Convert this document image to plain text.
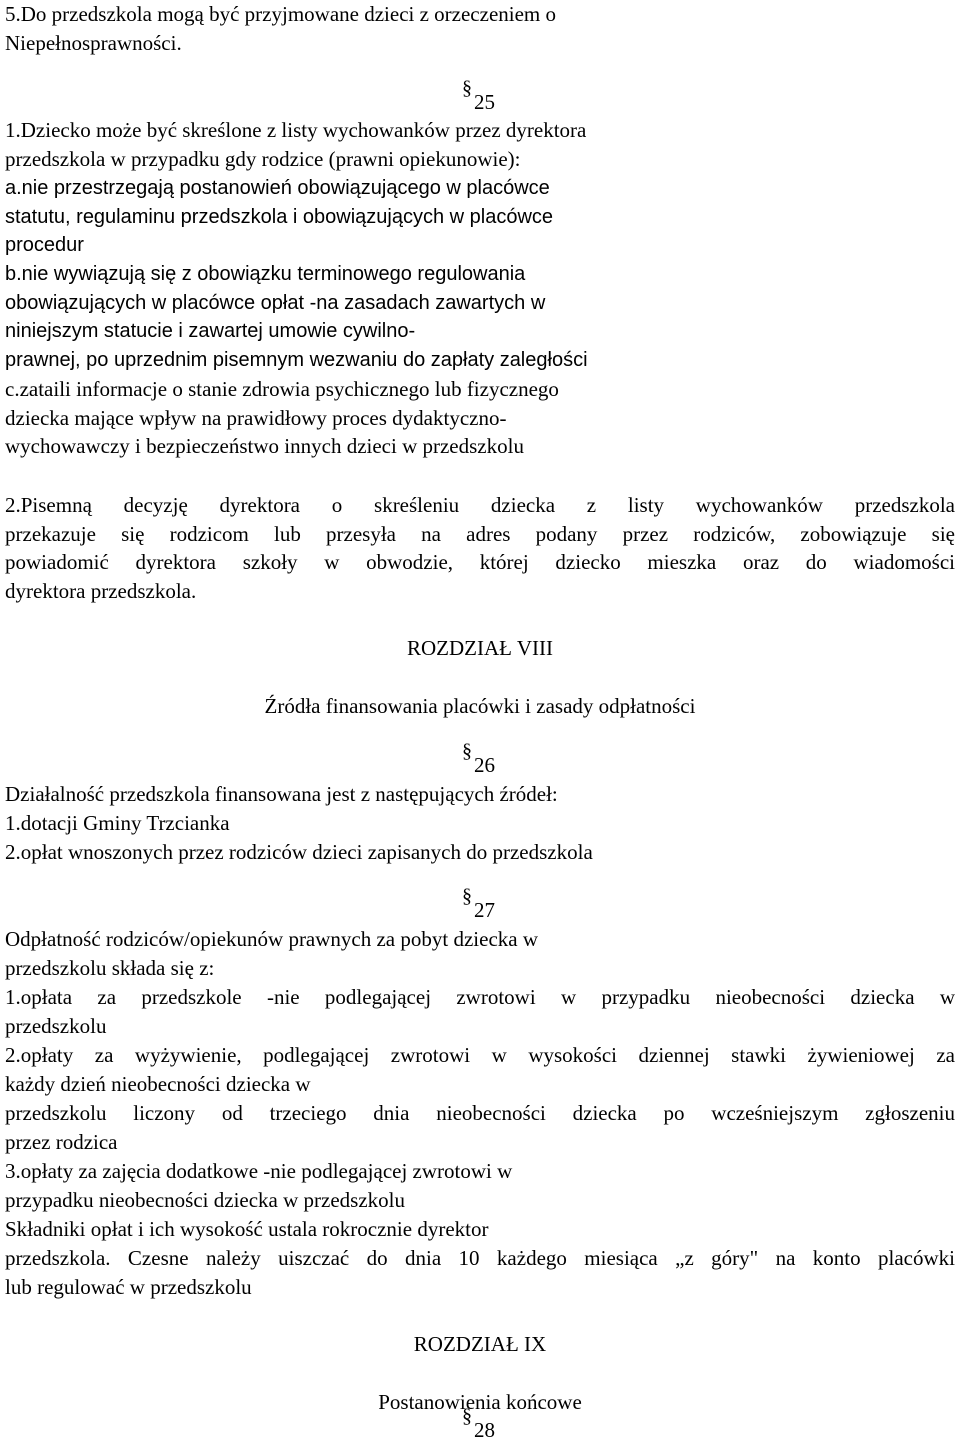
5.Do przedszkola mogą być przyjmowane dzieci z orzeczeniem o
Niepełnosprawności.
§ 25
1.Dziecko może być skreślone z listy wychowanków przez dyrektora
przedszkola w przypadku gdy rodzice (prawni opiekunowie):
a.nie przestrzegają postanowień obowiązującego w placówce
statutu, regulaminu przedszkola i obowiązujących w placówce
procedur
b.nie wywiązują się z obowiązku terminowego regulowania
obowiązujących w placówce opłat -na zasadach zawartych w
niniejszym statucie i zawartej umowie cywilno-
prawnej, po uprzednim pisemnym wezwaniu do zapłaty zaległości
c.zataili informacje o stanie zdrowia psychicznego lub fizycznego
dziecka mające wpływ na prawidłowy proces dydaktyczno-
wychowawczy i bezpieczeństwo innych dzieci w przedszkolu
2.Pisemną decyzję dyrektora o skreśleniu dziecka z listy wychowanków przedszkola
przekazuje się rodzicom lub przesyła na adres podany przez rodziców, zobowiązuje się
powiadomić dyrektora szkoły w obwodzie, której dziecko mieszka oraz do wiadomości
dyrektora przedszkola.
ROZDZIAŁ VIII
Źródła finansowania placówki i zasady odpłatności
§ 26
Działalność przedszkola finansowana jest z następujących źródeł:
1.dotacji Gminy Trzcianka
2.opłat wnoszonych przez rodziców dzieci zapisanych do przedszkola
§ 27
Odpłatność rodziców/opiekunów prawnych za pobyt dziecka w
przedszkolu składa się z:
1.opłata za przedszkole -nie podlegającej zwrotowi w przypadku nieobecności dziecka w
przedszkolu
2.opłaty za wyżywienie, podlegającej zwrotowi w wysokości dziennej stawki żywieniowej za
każdy dzień nieobecności dziecka w
przedszkolu liczony od trzeciego dnia nieobecności dziecka po wcześniejszym zgłoszeniu
przez rodzica
3.opłaty za zajęcia dodatkowe -nie podlegającej zwrotowi w
przypadku nieobecności dziecka w przedszkolu
Składniki opłat i ich wysokość ustala rokrocznie dyrektor
przedszkola. Czesne należy uiszczać do dnia 10 każdego miesiąca „z góry" na konto placówki
lub regulować w przedszkolu
ROZDZIAŁ IX
Postanowienia końcowe
§ 28
